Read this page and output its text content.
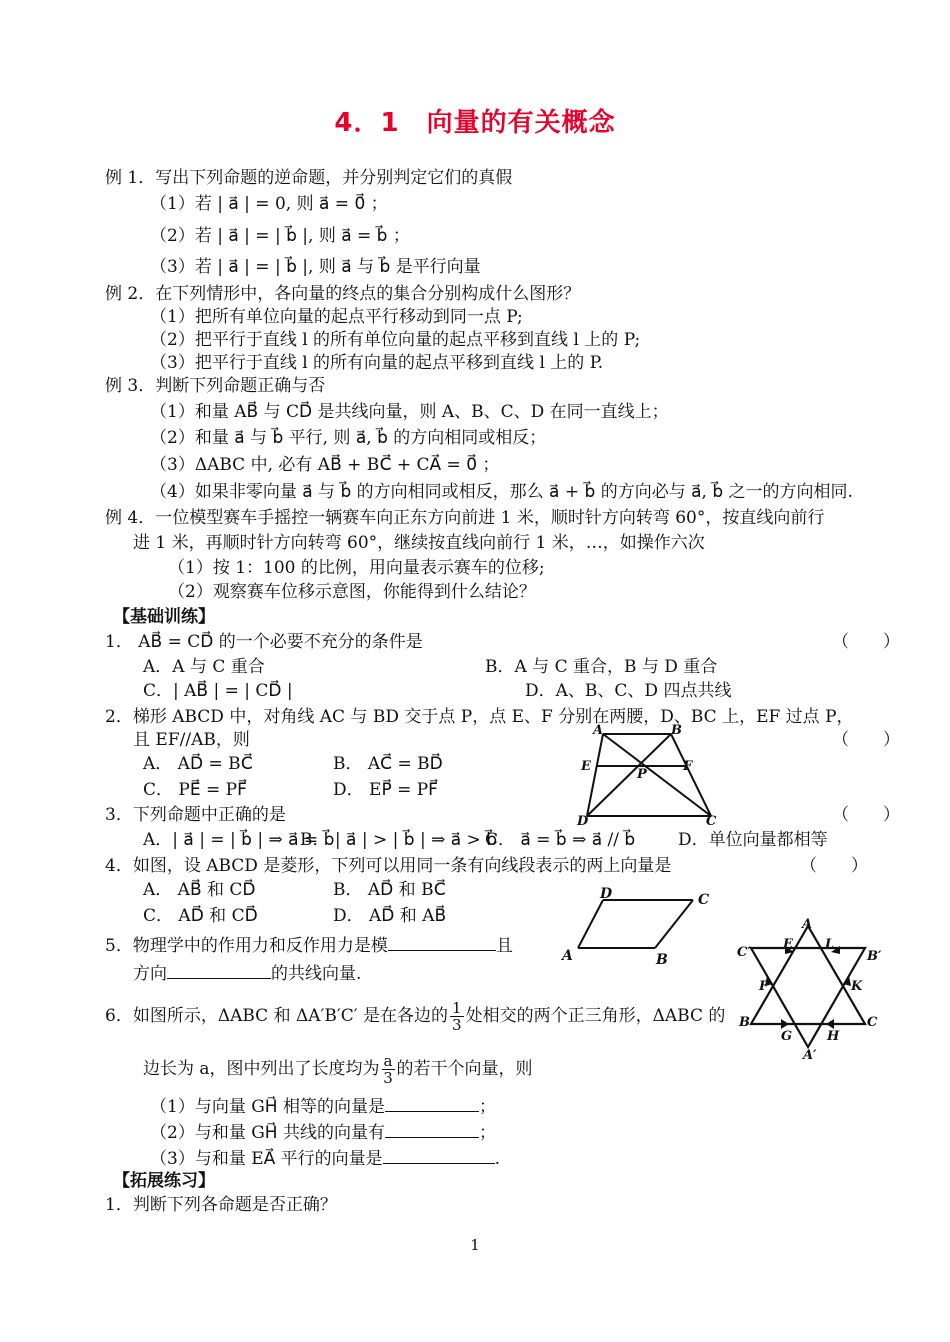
4．1　向量的有关概念
例 1．写出下列命题的逆命题，并分别判定它们的真假
（1）若 | a⃗ | = 0, 则 a⃗ = 0⃗ ；
（2）若 | a⃗ | = | b⃗ |, 则 a⃗ = b⃗ ；
（3）若 | a⃗ | = | b⃗ |, 则 a⃗ 与 b⃗ 是平行向量
例 2．在下列情形中，各向量的终点的集合分别构成什么图形？
（1）把所有单位向量的起点平行移动到同一点 P;
（2）把平行于直线 l 的所有单位向量的起点平移到直线 l 上的 P;
（3）把平行于直线 l 的所有向量的起点平移到直线 l 上的 P.
例 3．判断下列命题正确与否
（1）和量 AB⃗ 与 CD⃗ 是共线向量，则 A、B、C、D 在同一直线上；
（2）和量 a⃗ 与 b⃗ 平行, 则 a⃗, b⃗ 的方向相同或相反；
（3）ΔABC 中, 必有 AB⃗ + BC⃗ + CA⃗ = 0⃗ ；
（4）如果非零向量 a⃗ 与 b⃗ 的方向相同或相反，那么 a⃗ + b⃗ 的方向必与 a⃗, b⃗ 之一的方向相同.
例 4．一位模型赛车手摇控一辆赛车向正东方向前进 1 米，顺时针方向转弯 60°，按直线向前行
进 1 米，再顺时针方向转弯 60°，继续按直线向前行 1 米，…，如操作六次
（1）按 1：100 的比例，用向量表示赛车的位移;
（2）观察赛车位移示意图，你能得到什么结论？
【基础训练】
1． AB⃗ = CD⃗ 的一个必要不充分的条件是	（　　）
A．A 与 C 重合	B．A 与 C 重合，B 与 D 重合
C．| AB⃗ | = | CD⃗ |	D．A、B、C、D 四点共线
2．梯形 ABCD 中，对角线 AC 与 BD 交于点 P，点 E、F 分别在两腰，D、BC 上，EF 过点 P，
且 EF//AB，则	（　　）
A． AD⃗ = BC⃗	B． AC⃗ = BD⃗
C． PE⃗ = PF⃗	D． EP⃗ = PF⃗
A	B
E	F
P
D	C
3．下列命题中正确的是	（　　）
A．| a⃗ | = | b⃗ | ⇒ a⃗ = b⃗
B． | a⃗ | > | b⃗ | ⇒ a⃗ > b⃗
C． a⃗ = b⃗ ⇒ a⃗ // b⃗	D．单位向量都相等
4．如图，设 ABCD 是菱形，下列可以用同一条有向线段表示的两上向量是	（　　）
A． AB⃗ 和 CD⃗	B． AD⃗ 和 BC⃗
C． AD⃗ 和 CD⃗	D． AD⃗ 和 AB⃗
D	C
A	B
5．物理学中的作用力和反作用力是模	且
方向	的共线向量.
A
C′
E L
B′
F	K
B
G	H
C
A′
6．如图所示，ΔABC 和 ΔA′B′C′ 是在各边的 $\frac{1}{3}$ 处相交的两个正三角形，ΔABC 的
边长为 a，图中列出了长度均为 $\frac{a}{3}$ 的若干个向量，则
（1）与向量 GH⃗ 相等的向量是	；
（2）与和量 GH⃗ 共线的向量有	；
（3）与和量 EA⃗ 平行的向量是	.
【拓展练习】
1．判断下列各命题是否正确？
1
